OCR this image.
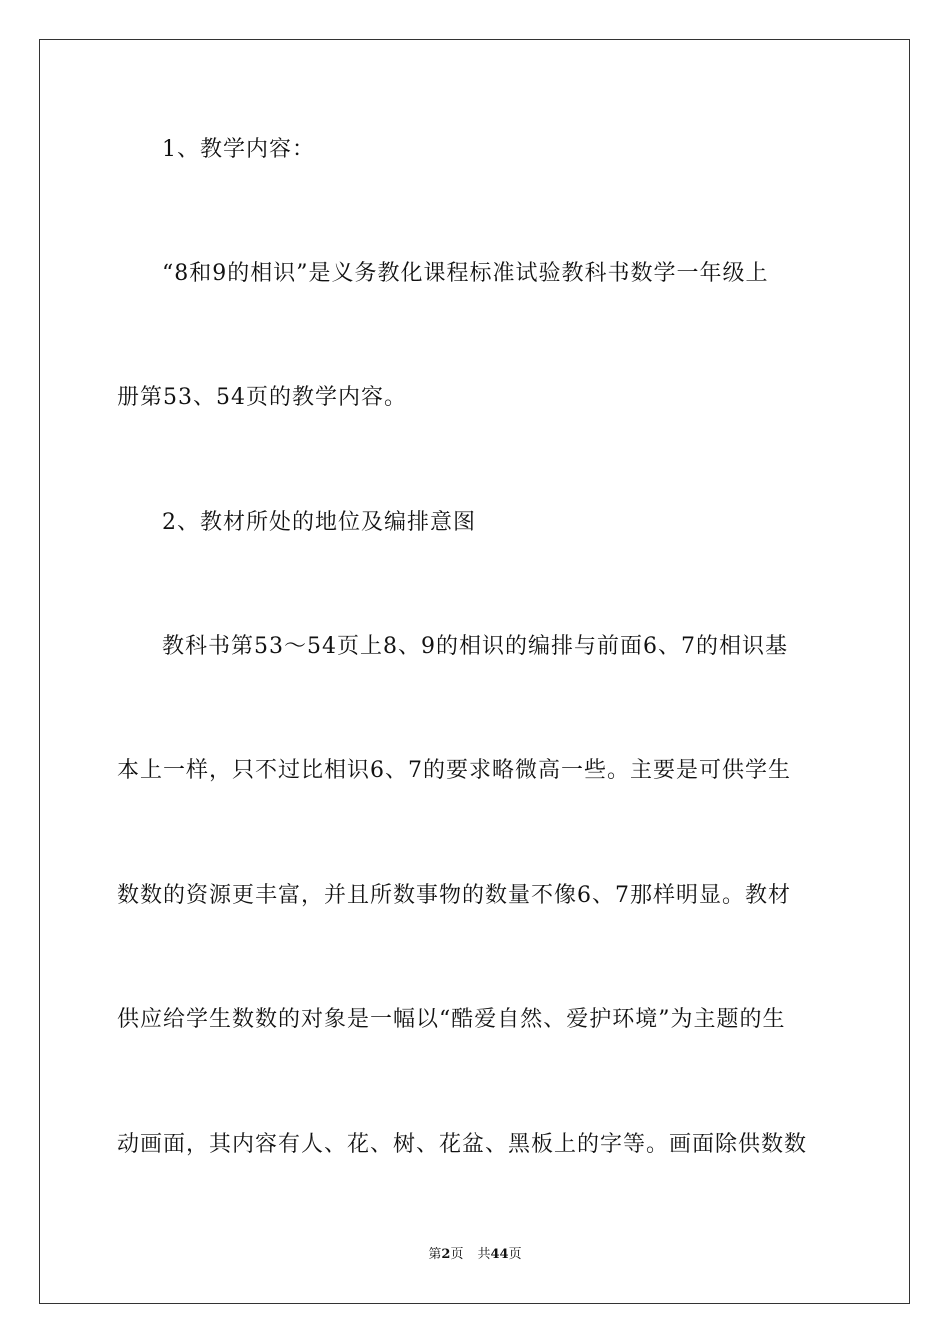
1、教学内容：
“8和9的相识”是义务教化课程标准试验教科书数学一年级上
册第53、54页的教学内容。
2、教材所处的地位及编排意图
教科书第53～54页上8、9的相识的编排与前面6、7的相识基
本上一样，只不过比相识6、7的要求略微高一些。主要是可供学生
数数的资源更丰富，并且所数事物的数量不像6、7那样明显。教材
供应给学生数数的对象是一幅以“酷爱自然、爱护环境”为主题的生
动画面，其内容有人、花、树、花盆、黑板上的字等。画面除供数数
第2页 共44页
